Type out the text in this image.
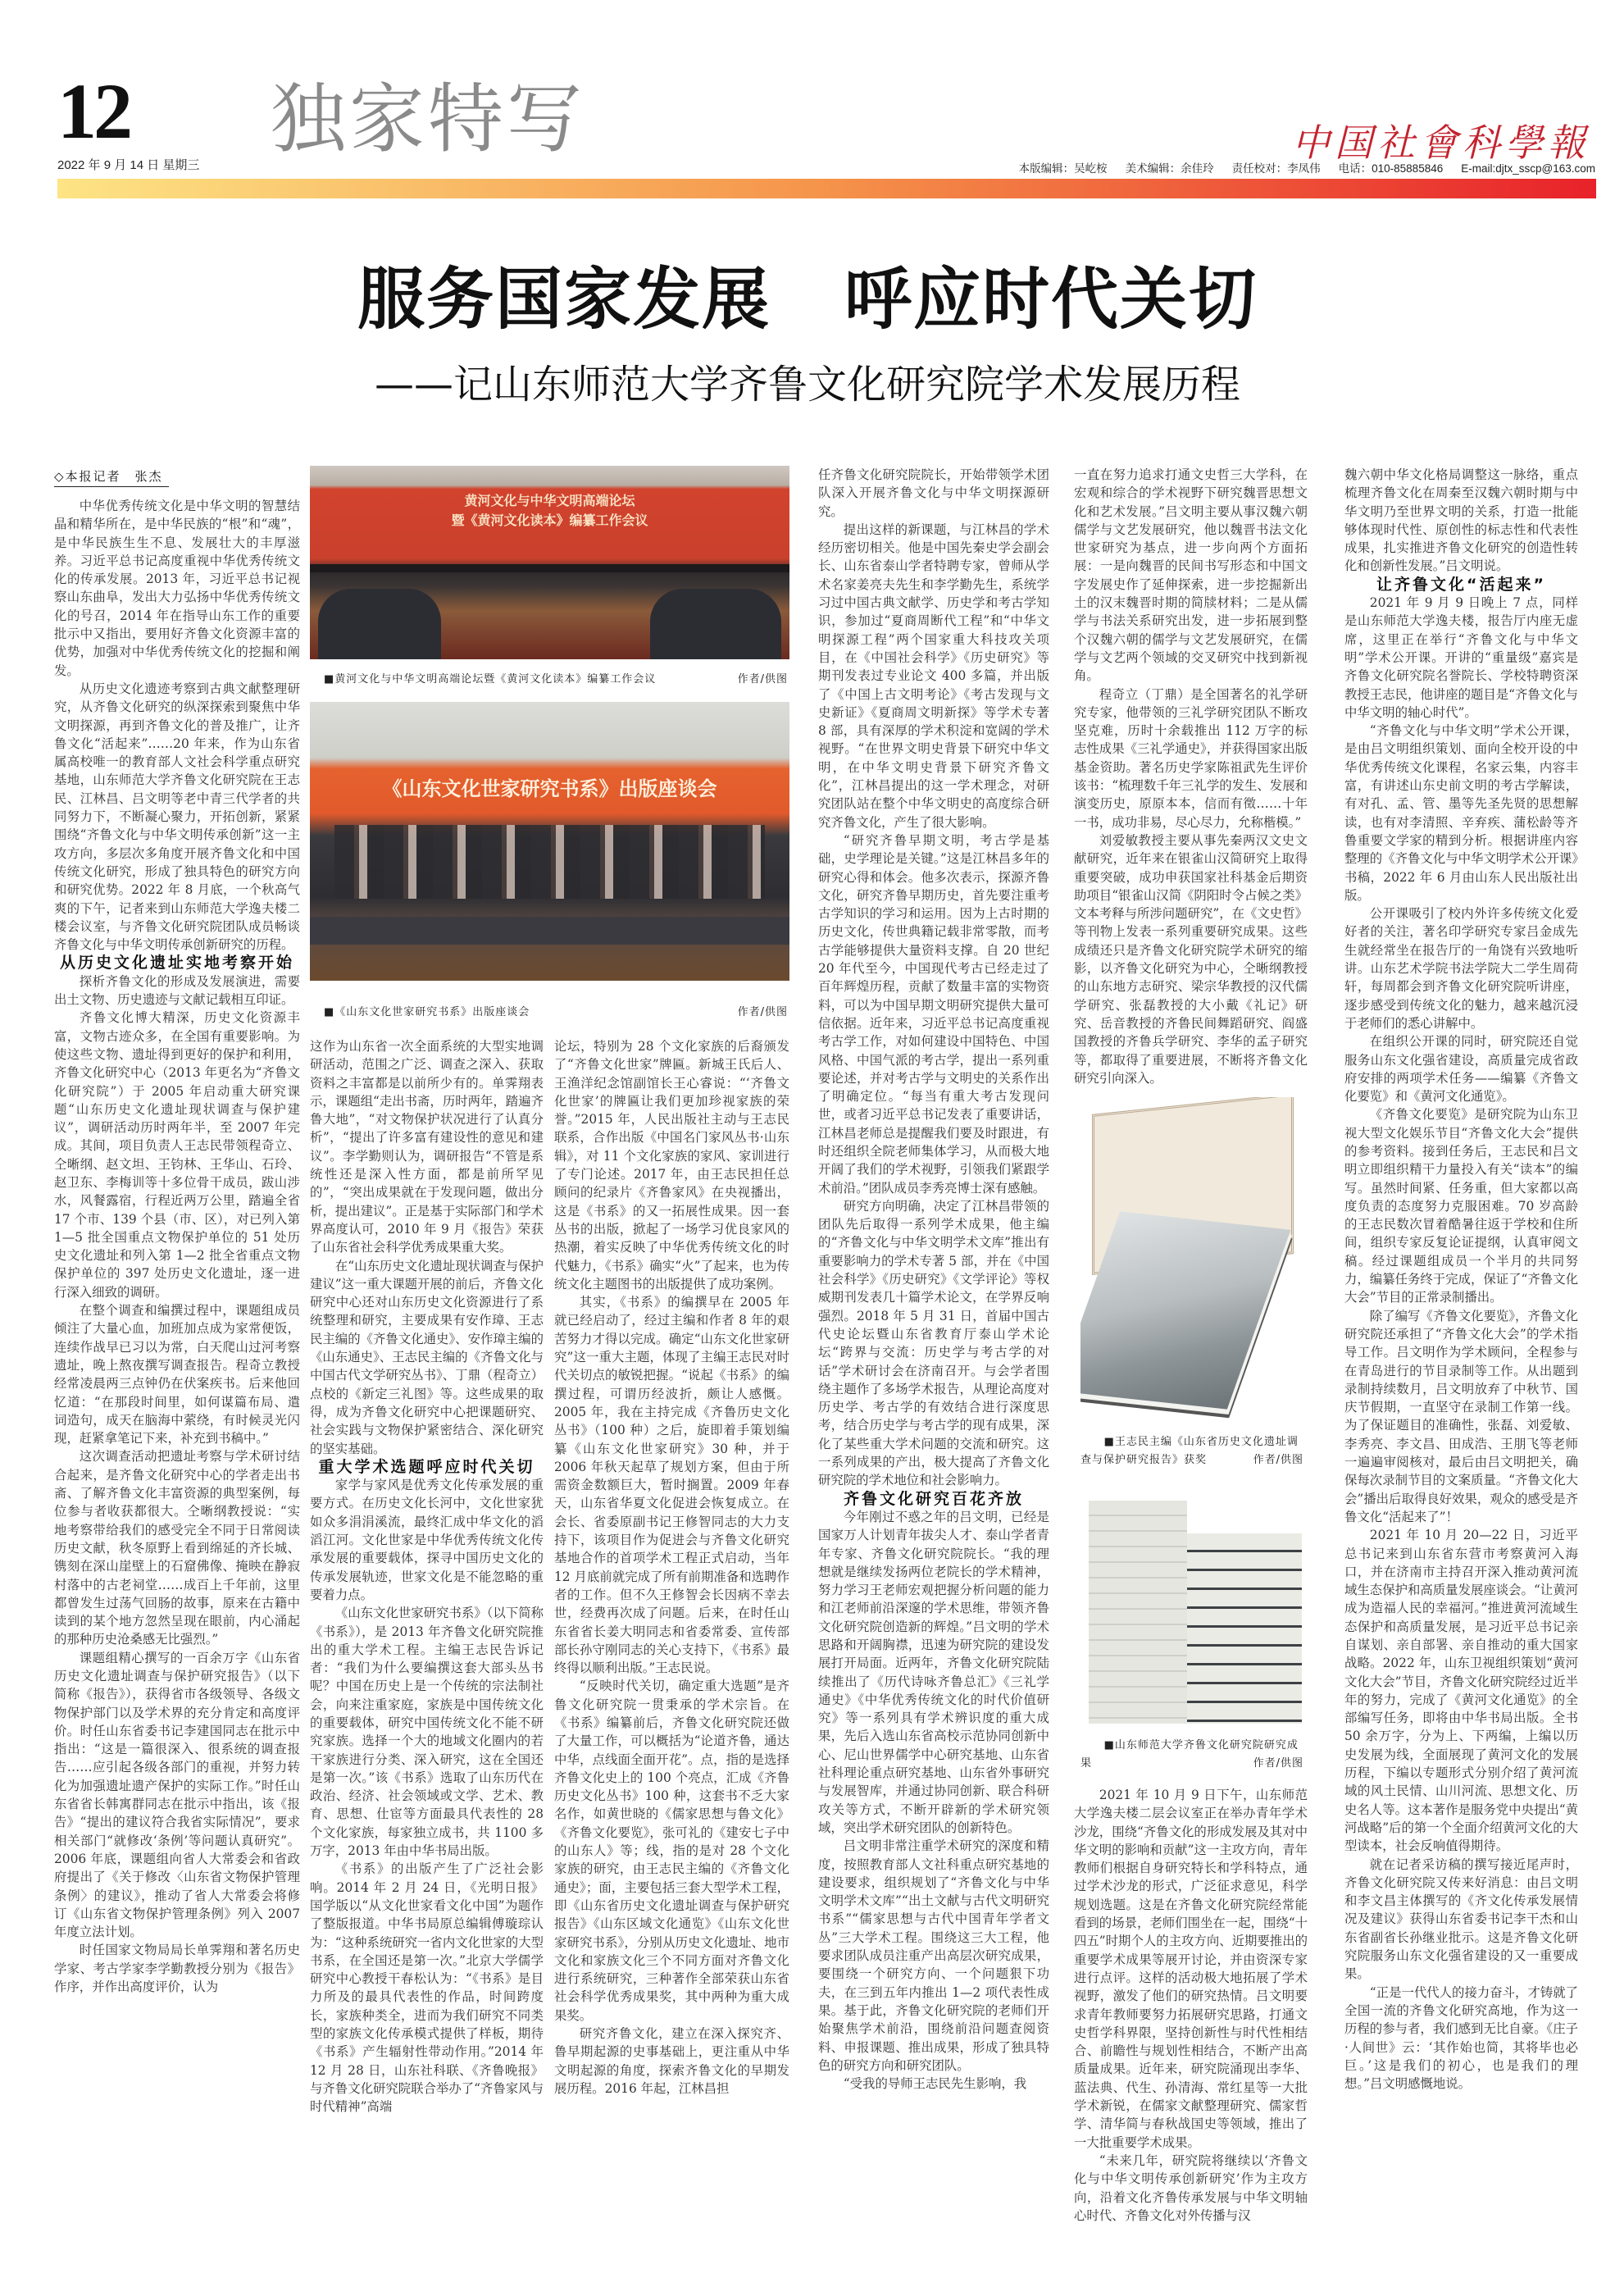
12
2022 年 9 月 14 日 星期三
独家特写	中国社會科學報
本版编辑：吴屹桉 美术编辑：余佳玲 责任校对：李凤伟 电话：010-85885846 E-mail:djtx_sscp@163.com
服务国家发展 呼应时代关切
——记山东师范大学齐鲁文化研究院学术发展历程
◇本报记者　张杰

中华优秀传统文化是中华文明的智慧结晶和精华所在，是中华民族的“根”和“魂”，是中华民族生生不息、发展壮大的丰厚滋养。习近平总书记高度重视中华优秀传统文化的传承发展。2013 年，习近平总书记视察山东曲阜，发出大力弘扬中华优秀传统文化的号召，2014 年在指导山东工作的重要批示中又指出，要用好齐鲁文化资源丰富的优势，加强对中华优秀传统文化的挖掘和阐发。

从历史文化遗迹考察到古典文献整理研究，从齐鲁文化研究的纵深探索到聚焦中华文明探源，再到齐鲁文化的普及推广，让齐鲁文化“活起来”……20 年来，作为山东省属高校唯一的教育部人文社会科学重点研究基地，山东师范大学齐鲁文化研究院在王志民、江林昌、吕文明等老中青三代学者的共同努力下，不断凝心聚力，开拓创新，紧紧围绕“齐鲁文化与中华文明传承创新”这一主攻方向，多层次多角度开展齐鲁文化和中国传统文化研究，形成了独具特色的研究方向和研究优势。2022 年 8 月底，一个秋高气爽的下午，记者来到山东师范大学逸夫楼二楼会议室，与齐鲁文化研究院团队成员畅谈齐鲁文化与中华文明传承创新研究的历程。

从历史文化遗址实地考察开始

探析齐鲁文化的形成及发展演进，需要出土文物、历史遗迹与文献记载相互印证。

齐鲁文化博大精深，历史文化资源丰富，文物古迹众多，在全国有重要影响。为使这些文物、遗址得到更好的保护和利用，齐鲁文化研究中心（2013 年更名为“齐鲁文化研究院”）于 2005 年启动重大研究课题“山东历史文化遗址现状调查与保护建议”，调研活动历时两年半，至 2007 年完成。其间，项目负责人王志民带领程奇立、仝晰纲、赵文坦、王钧林、王华山、石玲、赵卫东、李梅训等十多位骨干成员，跋山涉水，风餐露宿，行程近两万公里，踏遍全省 17 个市、139 个县（市、区），对已列入第 1—5 批全国重点文物保护单位的 51 处历史文化遗址和列入第 1—2 批全省重点文物保护单位的 397 处历史文化遗址，逐一进行深入细致的调研。

在整个调查和编撰过程中，课题组成员倾注了大量心血，加班加点成为家常便饭，连续作战早已习以为常，白天爬山过河考察遗址，晚上熬夜撰写调查报告。程奇立教授经常凌晨两三点钟仍在伏案疾书。后来他回忆道：“在那段时间里，如何谋篇布局、遣词造句，成天在脑海中萦绕，有时候灵光闪现，赶紧拿笔记下来，补充到书稿中。”

这次调查活动把遗址考察与学术研讨结合起来，是齐鲁文化研究中心的学者走出书斋、了解齐鲁文化丰富资源的典型案例，每位参与者收获都很大。仝晰纲教授说：“实地考察带给我们的感受完全不同于日常阅读历史文献，秋冬原野上看到绵延的齐长城、镌刻在深山崖壁上的石窟佛像、掩映在静寂村落中的古老祠堂……成百上千年前，这里都曾发生过荡气回肠的故事，原来在古籍中读到的某个地方忽然呈现在眼前，内心涌起的那种历史沧桑感无比强烈。”

课题组精心撰写的一百余万字《山东省历史文化遗址调查与保护研究报告》（以下简称《报告》），获得省市各级领导、各级文物保护部门以及学术界的充分肯定和高度评价。时任山东省委书记李建国同志在批示中指出：“这是一篇很深入、很系统的调查报告……应引起各级各部门的重视，并努力转化为加强遗址遗产保护的实际工作。”时任山东省省长韩寓群同志在批示中指出，该《报告》“提出的建议符合我省实际情况”，要求相关部门“就修改‘条例’等问题认真研究”。2006 年底，课题组向省人大常委会和省政府提出了《关于修改〈山东省文物保护管理条例〉的建议》，推动了省人大常委会将修订《山东省文物保护管理条例》列入 2007 年度立法计划。

时任国家文物局局长单霁翔和著名历史学家、考古学家李学勤教授分别为《报告》作序，并作出高度评价，认为

黄河文化与中华文明高端论坛
暨《黄河文化读本》编纂工作会议
■黄河文化与中华文明高端论坛暨《黄河文化读本》编纂工作会议	作者/供图
《山东文化世家研究书系》出版座谈会
■《山东文化世家研究书系》出版座谈会	作者/供图

这作为山东省一次全面系统的大型实地调研活动，范围之广泛、调查之深入、获取资料之丰富都是以前所少有的。单霁翔表示，课题组“走出书斋，历时两年，踏遍齐鲁大地”，“对文物保护状况进行了认真分析”，“提出了许多富有建设性的意见和建议”。李学勤则认为，调研报告“不管是系统性还是深入性方面，都是前所罕见的”，“突出成果就在于发现问题，做出分析，提出建议”。正是基于实际部门和学术界高度认可，2010 年 9 月《报告》荣获了山东省社会科学优秀成果重大奖。

在“山东历史文化遗址现状调查与保护建议”这一重大课题开展的前后，齐鲁文化研究中心还对山东历史文化资源进行了系统整理和研究，主要成果有安作璋、王志民主编的《齐鲁文化通史》、安作璋主编的《山东通史》、王志民主编的《齐鲁文化与中国古代文学研究丛书》、丁鼎（程奇立）点校的《新定三礼图》等。这些成果的取得，成为齐鲁文化研究中心把课题研究、社会实践与文物保护紧密结合、深化研究的坚实基础。

重大学术选题呼应时代关切

家学与家风是优秀文化传承发展的重要方式。在历史文化长河中，文化世家犹如众多涓涓溪流，最终汇成中华文化的滔滔江河。文化世家是中华优秀传统文化传承发展的重要载体，探寻中国历史文化的传承发展轨迹，世家文化是不能忽略的重要着力点。

《山东文化世家研究书系》（以下简称《书系》），是 2013 年齐鲁文化研究院推出的重大学术工程。主编王志民告诉记者：“我们为什么要编撰这套大部头丛书呢？中国在历史上是一个传统的宗法制社会，向来注重家庭，家族是中国传统文化的重要载体，研究中国传统文化不能不研究家族。选择一个大的地域文化圈内的若干家族进行分类、深入研究，这在全国还是第一次。”该《书系》选取了山东历代在政治、经济、社会领域或文学、艺术、教育、思想、仕宦等方面最具代表性的 28 个文化家族，每家独立成书，共 1100 多万字，2013 年由中华书局出版。

《书系》的出版产生了广泛社会影响。2014 年 2 月 24 日，《光明日报》国学版以“从文化世家看文化中国”为题作了整版报道。中华书局原总编辑傅璇琮认为：“这种系统研究一省内文化世家的大型书系，在全国还是第一次。”北京大学儒学研究中心教授干春松认为：“《书系》是目力所及的最具代表性的作品，时间跨度长，家族种类全，进而为我们研究不同类型的家族文化传承模式提供了样板，期待《书系》产生辐射性带动作用。”2014 年 12 月 28 日，山东社科联、《齐鲁晚报》与齐鲁文化研究院联合举办了“齐鲁家风与时代精神”高端

论坛，特别为 28 个文化家族的后裔颁发了“齐鲁文化世家”牌匾。新城王氏后人、王渔洋纪念馆副馆长王心睿说：“‘齐鲁文化世家’的牌匾让我们更加珍视家族的荣誉。”2015 年，人民出版社主动与王志民联系，合作出版《中国名门家风丛书·山东辑》，对 11 个文化家族的家风、家训进行了专门论述。2017 年，由王志民担任总顾问的纪录片《齐鲁家风》在央视播出，这是《书系》的又一拓展性成果。因一套丛书的出版，掀起了一场学习优良家风的热潮，着实反映了中华优秀传统文化的时代魅力，《书系》确实“火”了起来，也为传统文化主题图书的出版提供了成功案例。

其实，《书系》的编撰早在 2005 年就已经启动了，经过主编和作者 8 年的艰苦努力才得以完成。确定“山东文化世家研究”这一重大主题，体现了主编王志民对时代关切点的敏锐把握。“说起《书系》的编撰过程，可谓历经波折，颇让人感慨。2005 年，我在主持完成《齐鲁历史文化丛书》（100 种）之后，旋即着手策划编纂《山东文化世家研究》30 种，并于 2006 年秋天起草了规划方案，但由于所需资金数额巨大，暂时搁置。2009 年春天，山东省华夏文化促进会恢复成立。在会长、省委原副书记王修智同志的大力支持下，该项目作为促进会与齐鲁文化研究基地合作的首项学术工程正式启动，当年 12 月底前就完成了所有前期准备和选聘作者的工作。但不久王修智会长因病不幸去世，经费再次成了问题。后来，在时任山东省省长姜大明同志和省委常委、宣传部部长孙守刚同志的关心支持下，《书系》最终得以顺利出版。”王志民说。

“反映时代关切，确定重大选题”是齐鲁文化研究院一贯秉承的学术宗旨。在《书系》编纂前后，齐鲁文化研究院还做了大量工作，可以概括为“论道齐鲁，通达中华，点线面全面开花”。点，指的是选择齐鲁文化史上的 100 个亮点，汇成《齐鲁历史文化丛书》100 种，这套书不乏大家名作，如黄世晓的《儒家思想与鲁文化》《齐鲁文化要览》，张可礼的《建安七子中的山东人》等；线，指的是对 28 个文化家族的研究，由王志民主编的《齐鲁文化通史》；面，主要包括三套大型学术工程，即《山东省历史文化遗址调查与保护研究报告》《山东区域文化通览》《山东文化世家研究书系》，分别从历史文化遗址、地市文化和家族文化三个不同方面对齐鲁文化进行系统研究，三种著作全部荣获山东省社会科学优秀成果奖，其中两种为重大成果奖。

研究齐鲁文化，建立在深入探究齐、鲁早期起源的史事基础上，更注重从中华文明起源的角度，探索齐鲁文化的早期发展历程。2016 年起，江林昌担

任齐鲁文化研究院院长，开始带领学术团队深入开展齐鲁文化与中华文明探源研究。

提出这样的新课题，与江林昌的学术经历密切相关。他是中国先秦史学会副会长、山东省泰山学者特聘专家，曾师从学术名家姜亮夫先生和李学勤先生，系统学习过中国古典文献学、历史学和考古学知识，参加过“夏商周断代工程”和“中华文明探源工程”两个国家重大科技攻关项目，在《中国社会科学》《历史研究》等期刊发表过专业论文 400 多篇，并出版了《中国上古文明考论》《考古发现与文史新证》《夏商周文明新探》等学术专著 8 部，具有深厚的学术积淀和宽阔的学术视野。“在世界文明史背景下研究中华文明，在中华文明史背景下研究齐鲁文化”，江林昌提出的这一学术理念，对研究团队站在整个中华文明史的高度综合研究齐鲁文化，产生了很大影响。

“研究齐鲁早期文明，考古学是基础，史学理论是关键。”这是江林昌多年的研究心得和体会。他多次表示，探源齐鲁文化，研究齐鲁早期历史，首先要注重考古学知识的学习和运用。因为上古时期的历史文化，传世典籍记载非常零散，而考古学能够提供大量资料支撑。自 20 世纪 20 年代至今，中国现代考古已经走过了百年辉煌历程，贡献了数量丰富的实物资料，可以为中国早期文明研究提供大量可信依据。近年来，习近平总书记高度重视考古学工作，对如何建设中国特色、中国风格、中国气派的考古学，提出一系列重要论述，并对考古学与文明史的关系作出了明确定位。“每当有重大考古发现问世，或者习近平总书记发表了重要讲话，江林昌老师总是提醒我们要及时跟进，有时还组织全院老师集体学习，从而极大地开阔了我们的学术视野，引领我们紧跟学术前沿。”团队成员李秀亮博士深有感触。

研究方向明确，决定了江林昌带领的团队先后取得一系列学术成果，他主编的“齐鲁文化与中华文明学术文库”推出有重要影响力的学术专著 5 部，并在《中国社会科学》《历史研究》《文学评论》等权威期刊发表几十篇学术论文，在学界反响强烈。2018 年 5 月 31 日，首届中国古代史论坛暨山东省教育厅泰山学术论坛“跨界与交流：历史学与考古学的对话”学术研讨会在济南召开。与会学者围绕主题作了多场学术报告，从理论高度对历史学、考古学的有效结合进行深度思考，结合历史学与考古学的现有成果，深化了某些重大学术问题的交流和研究。这一系列成果的产出，极大提高了齐鲁文化研究院的学术地位和社会影响力。

齐鲁文化研究百花齐放

今年刚过不惑之年的吕文明，已经是国家万人计划青年拔尖人才、泰山学者青年专家、齐鲁文化研究院院长。“我的理想就是继续发扬两位老院长的学术精神，努力学习王老师宏观把握分析问题的能力和江老师前沿深邃的学术思维，带领齐鲁文化研究院创造新的辉煌。”吕文明的学术思路和开阔胸襟，迅速为研究院的建设发展打开局面。近两年，齐鲁文化研究院陆续推出了《历代诗咏齐鲁总汇》《三礼学通史》《中华优秀传统文化的时代价值研究》等一系列具有学术辨识度的重大成果，先后入选山东省高校示范协同创新中心、尼山世界儒学中心研究基地、山东省社科理论重点研究基地、山东省外事研究与发展智库，并通过协同创新、联合科研攻关等方式，不断开辟新的学术研究领域，突出学术研究团队的创新特色。

吕文明非常注重学术研究的深度和精度，按照教育部人文社科重点研究基地的建设要求，组织规划了“齐鲁文化与中华文明学术文库”“出土文献与古代文明研究书系”“儒家思想与古代中国青年学者文丛”三大学术工程。围绕这三大工程，他要求团队成员注重产出高层次研究成果，要围绕一个研究方向、一个问题狠下功夫，在三到五年内推出 1—2 项代表性成果。基于此，齐鲁文化研究院的老师们开始聚焦学术前沿，围绕前沿问题查阅资料、申报课题、推出成果，形成了独具特色的研究方向和研究团队。

“受我的导师王志民先生影响，我

一直在努力追求打通文史哲三大学科，在宏观和综合的学术视野下研究魏晋思想文化和艺术发展。”吕文明主要从事汉魏六朝儒学与文艺发展研究，他以魏晋书法文化世家研究为基点，进一步向两个方面拓展：一是向魏晋的民间书写形态和中国文字发展史作了延伸探索，进一步挖掘新出土的汉末魏晋时期的简牍材料；二是从儒学与书法关系研究出发，进一步拓展到整个汉魏六朝的儒学与文艺发展研究，在儒学与文艺两个领域的交叉研究中找到新视角。

程奇立（丁鼎）是全国著名的礼学研究专家，他带领的三礼学研究团队不断攻坚克难，历时十余载推出 112 万字的标志性成果《三礼学通史》，并获得国家出版基金资助。著名历史学家陈祖武先生评价该书：“梳理数千年三礼学的发生、发展和演变历史，原原本本，信而有徵……十年一书，成功非易，尽心尽力，允称楷模。”

刘爱敏教授主要从事先秦两汉文史文献研究，近年来在银雀山汉简研究上取得重要突破，成功申获国家社科基金后期资助项目“银雀山汉简《阴阳时令占候之类》文本考释与所涉问题研究”，在《文史哲》等刊物上发表一系列重要研究成果。这些成绩还只是齐鲁文化研究院学术研究的缩影，以齐鲁文化研究为中心，仝晰纲教授的山东地方志研究、梁宗华教授的汉代儒学研究、张磊教授的大小戴《礼记》研究、岳音教授的齐鲁民间舞蹈研究、阎盛国教授的齐鲁兵学研究、李华的孟子研究等，都取得了重要进展，不断将齐鲁文化研究引向深入。

■王志民主编《山东省历史文化遗址调查与保护研究报告》获奖	作者/供图
■山东师范大学齐鲁文化研究院研究成果	作者/供图

2021 年 10 月 9 日下午，山东师范大学逸夫楼二层会议室正在举办青年学术沙龙，围绕“齐鲁文化的形成发展及其对中华文明的影响和贡献”这一主攻方向，青年教师们根据自身研究特长和学科特点，通过学术沙龙的形式，广泛征求意见，科学规划选题。这是在齐鲁文化研究院经常能看到的场景，老师们围坐在一起，围绕“十四五”时期个人的主攻方向、近期要推出的重要学术成果等展开讨论，并由资深专家进行点评。这样的活动极大地拓展了学术视野，激发了他们的研究热情。吕文明要求青年教师要努力拓展研究思路，打通文史哲学科界限，坚持创新性与时代性相结合、前瞻性与规划性相结合，不断产出高质量成果。近年来，研究院涌现出李华、蓝法典、代生、孙清海、常红星等一大批学术新锐，在儒家文献整理研究、儒家哲学、清华简与春秋战国史等领域，推出了一大批重要学术成果。

“未来几年，研究院将继续以‘齐鲁文化与中华文明传承创新研究’作为主攻方向，沿着文化齐鲁传承发展与中华文明轴心时代、齐鲁文化对外传播与汉

魏六朝中华文化格局调整这一脉络，重点梳理齐鲁文化在周秦至汉魏六朝时期与中华文明乃至世界文明的关系，打造一批能够体现时代性、原创性的标志性和代表性成果，扎实推进齐鲁文化研究的创造性转化和创新性发展。”吕文明说。

让齐鲁文化“活起来”

2021 年 9 月 9 日晚上 7 点，同样是山东师范大学逸夫楼，报告厅内座无虚席，这里正在举行“齐鲁文化与中华文明”学术公开课。开讲的“重量级”嘉宾是齐鲁文化研究院名誉院长、学校特聘资深教授王志民，他讲座的题目是“齐鲁文化与中华文明的轴心时代”。

“齐鲁文化与中华文明”学术公开课，是由吕文明组织策划、面向全校开设的中华优秀传统文化课程，名家云集，内容丰富，有讲述山东史前文明的考古学解读，有对孔、孟、管、墨等先圣先贤的思想解读，也有对李清照、辛弃疾、蒲松龄等齐鲁重要文学家的精到分析。根据讲座内容整理的《齐鲁文化与中华文明学术公开课》书稿，2022 年 6 月由山东人民出版社出版。

公开课吸引了校内外许多传统文化爱好者的关注，著名印学研究专家吕金成先生就经常坐在报告厅的一角饶有兴致地听讲。山东艺术学院书法学院大二学生周荷轩，每周都会到齐鲁文化研究院听讲座，逐步感受到传统文化的魅力，越来越沉浸于老师们的悉心讲解中。

在组织公开课的同时，研究院还自觉服务山东文化强省建设，高质量完成省政府安排的两项学术任务——编纂《齐鲁文化要览》和《黄河文化通览》。

《齐鲁文化要览》是研究院为山东卫视大型文化娱乐节目“齐鲁文化大会”提供的参考资料。接到任务后，王志民和吕文明立即组织精干力量投入有关“读本”的编写。虽然时间紧、任务重，但大家都以高度负责的态度努力克服困难。70 岁高龄的王志民数次冒着酷暑往返于学校和住所间，组织专家反复论证提纲，认真审阅文稿。经过课题组成员一个半月的共同努力，编纂任务终于完成，保证了“齐鲁文化大会”节目的正常录制播出。

除了编写《齐鲁文化要览》，齐鲁文化研究院还承担了“齐鲁文化大会”的学术指导工作。吕文明作为学术顾问，全程参与在青岛进行的节目录制等工作。从出题到录制持续数月，吕文明放弃了中秋节、国庆节假期，一直坚守在录制工作第一线。为了保证题目的准确性，张磊、刘爱敏、李秀亮、李文昌、田成浩、王朋飞等老师一遍遍审阅核对，最后由吕文明把关，确保每次录制节目的文案质量。“齐鲁文化大会”播出后取得良好效果，观众的感受是齐鲁文化“活起来了”！

2021 年 10 月 20—22 日，习近平总书记来到山东省东营市考察黄河入海口，并在济南市主持召开深入推动黄河流域生态保护和高质量发展座谈会。“让黄河成为造福人民的幸福河。”推进黄河流域生态保护和高质量发展，是习近平总书记亲自谋划、亲自部署、亲自推动的重大国家战略。2022 年，山东卫视组织策划“黄河文化大会”节目，齐鲁文化研究院经过近半年的努力，完成了《黄河文化通览》的全部编写任务，即将由中华书局出版。全书 50 余万字，分为上、下两编，上编以历史发展为线，全面展现了黄河文化的发展历程，下编以专题形式分别介绍了黄河流域的风土民情、山川河流、思想文化、历史名人等。这本著作是服务党中央提出“黄河战略”后的第一个全面介绍黄河文化的大型读本，社会反响值得期待。

就在记者采访稿的撰写接近尾声时，齐鲁文化研究院又传来好消息：由吕文明和李文昌主体撰写的《齐文化传承发展情况及建议》获得山东省委书记李干杰和山东省副省长孙继业批示。这是齐鲁文化研究院服务山东文化强省建设的又一重要成果。

“正是一代代人的接力奋斗，才铸就了全国一流的齐鲁文化研究高地，作为这一历程的参与者，我们感到无比自豪。《庄子·人间世》云：‘其作始也简，其将毕也必巨。’这是我们的初心，也是我们的理想。”吕文明感慨地说。
